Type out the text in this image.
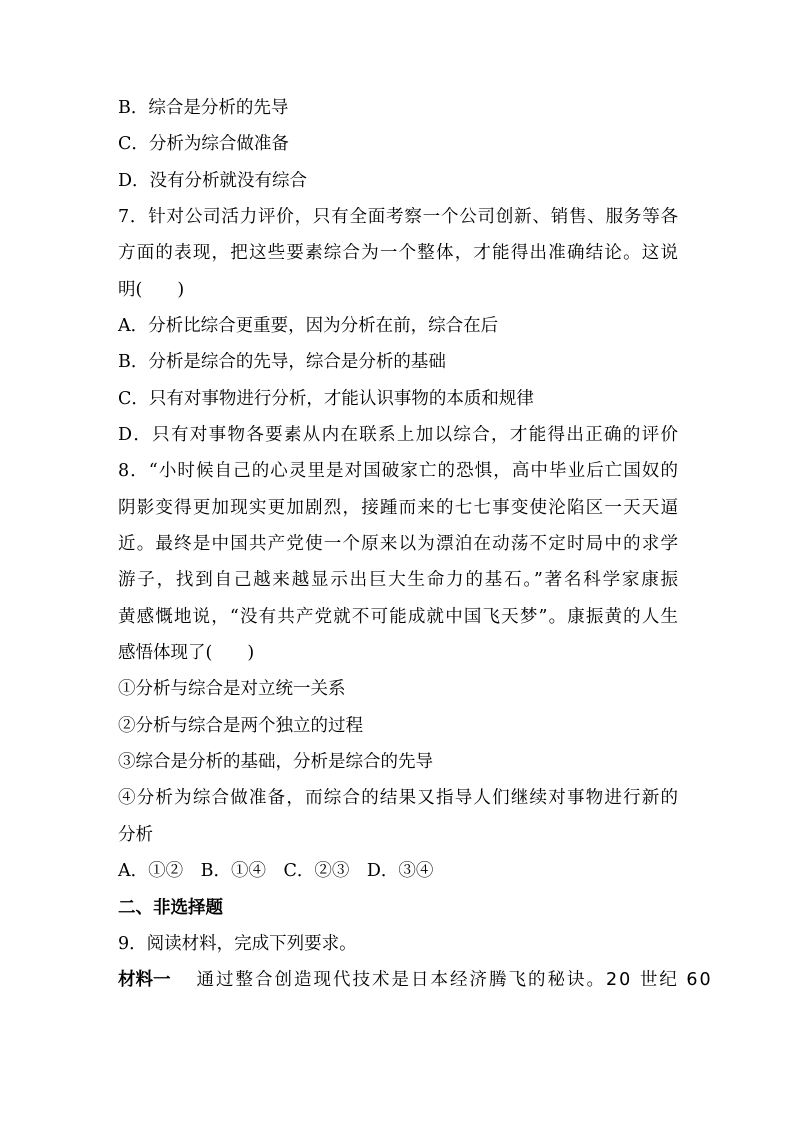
B．综合是分析的先导
C．分析为综合做准备
D．没有分析就没有综合
7．针对公司活力评价，只有全面考察一个公司创新、销售、服务等各
方面的表现，把这些要素综合为一个整体，才能得出准确结论。这说
明(　　)
A．分析比综合更重要，因为分析在前，综合在后
B．分析是综合的先导，综合是分析的基础
C．只有对事物进行分析，才能认识事物的本质和规律
D．只有对事物各要素从内在联系上加以综合，才能得出正确的评价
8．“小时候自己的心灵里是对国破家亡的恐惧，高中毕业后亡国奴的
阴影变得更加现实更加剧烈，接踵而来的七七事变使沦陷区一天天逼
近。最终是中国共产党使一个原来以为漂泊在动荡不定时局中的求学
游子，找到自己越来越显示出巨大生命力的基石。”著名科学家康振
黄感慨地说，“没有共产党就不可能成就中国飞天梦”。康振黄的人生
感悟体现了(　　)
①分析与综合是对立统一关系
②分析与综合是两个独立的过程
③综合是分析的基础，分析是综合的先导
④分析为综合做准备，而综合的结果又指导人们继续对事物进行新的
分析
A．①②　B．①④　C．②③　D．③④
二、非选择题
9．阅读材料，完成下列要求。
材料一 通过整合创造现代技术是日本经济腾飞的秘诀。20 世纪 60
